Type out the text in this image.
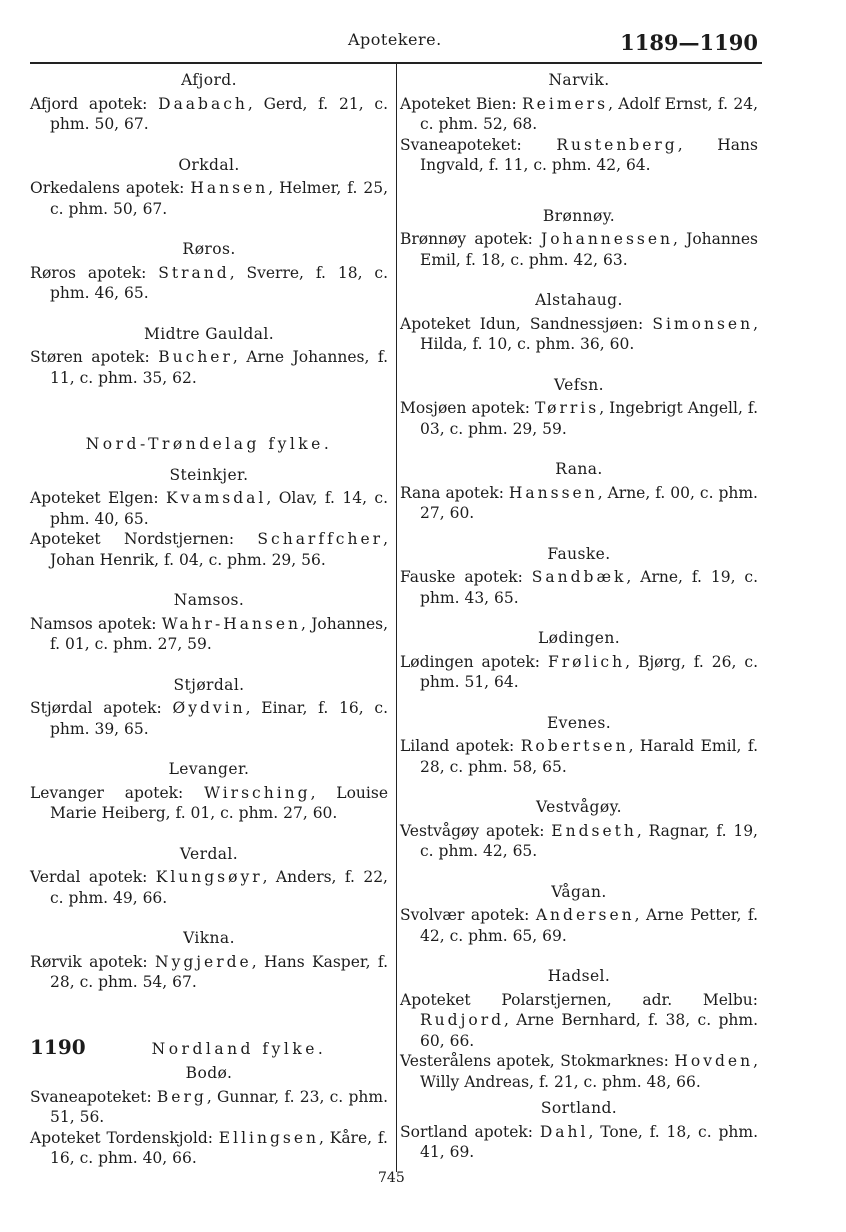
Apotekere.	1189—1190
Afjord.
Afjord apotek: Daabach, Gerd, f. 21, c. phm. 50, 67.
Orkdal.
Orkedalens apotek: Hansen, Helmer, f. 25, c. phm. 50, 67.
Røros.
Røros apotek: Strand, Sverre, f. 18, c. phm. 46, 65.
Midtre Gauldal.
Støren apotek: Bucher, Arne Johannes, f. 11, c. phm. 35, 62.
Nord-Trøndelag fylke.
Steinkjer.
Apoteket Elgen: Kvamsdal, Olav, f. 14, c. phm. 40, 65.
Apoteket Nordstjernen: Scharffcher, Johan Henrik, f. 04, c. phm. 29, 56.
Namsos.
Namsos apotek: Wahr-Hansen, Johannes, f. 01, c. phm. 27, 59.
Stjørdal.
Stjørdal apotek: Øydvin, Einar, f. 16, c. phm. 39, 65.
Levanger.
Levanger apotek: Wirsching, Louise Marie Heiberg, f. 01, c. phm. 27, 60.
Verdal.
Verdal apotek: Klungsøyr, Anders, f. 22, c. phm. 49, 66.
Vikna.
Rørvik apotek: Nygjerde, Hans Kasper, f. 28, c. phm. 54, 67.
1190	Nordland fylke.
Bodø.
Svaneapoteket: Berg, Gunnar, f. 23, c. phm. 51, 56.
Apoteket Tordenskjold: Ellingsen, Kåre, f. 16, c. phm. 40, 66.
Narvik.
Apoteket Bien: Reimers, Adolf Ernst, f. 24, c. phm. 52, 68.
Svaneapoteket: Rustenberg, Hans Ingvald, f. 11, c. phm. 42, 64.
Brønnøy.
Brønnøy apotek: Johannessen, Johannes Emil, f. 18, c. phm. 42, 63.
Alstahaug.
Apoteket Idun, Sandnessjøen: Simonsen, Hilda, f. 10, c. phm. 36, 60.
Vefsn.
Mosjøen apotek: Tørris, Ingebrigt Angell, f. 03, c. phm. 29, 59.
Rana.
Rana apotek: Hanssen, Arne, f. 00, c. phm. 27, 60.
Fauske.
Fauske apotek: Sandbæk, Arne, f. 19, c. phm. 43, 65.
Lødingen.
Lødingen apotek: Frølich, Bjørg, f. 26, c. phm. 51, 64.
Evenes.
Liland apotek: Robertsen, Harald Emil, f. 28, c. phm. 58, 65.
Vestvågøy.
Vestvågøy apotek: Endseth, Ragnar, f. 19, c. phm. 42, 65.
Vågan.
Svolvær apotek: Andersen, Arne Petter, f. 42, c. phm. 65, 69.
Hadsel.
Apoteket Polarstjernen, adr. Melbu: Rudjord, Arne Bernhard, f. 38, c. phm. 60, 66.
Vesterålens apotek, Stokmarknes: Hovden, Willy Andreas, f. 21, c. phm. 48, 66.
Sortland.
Sortland apotek: Dahl, Tone, f. 18, c. phm. 41, 69.
745
